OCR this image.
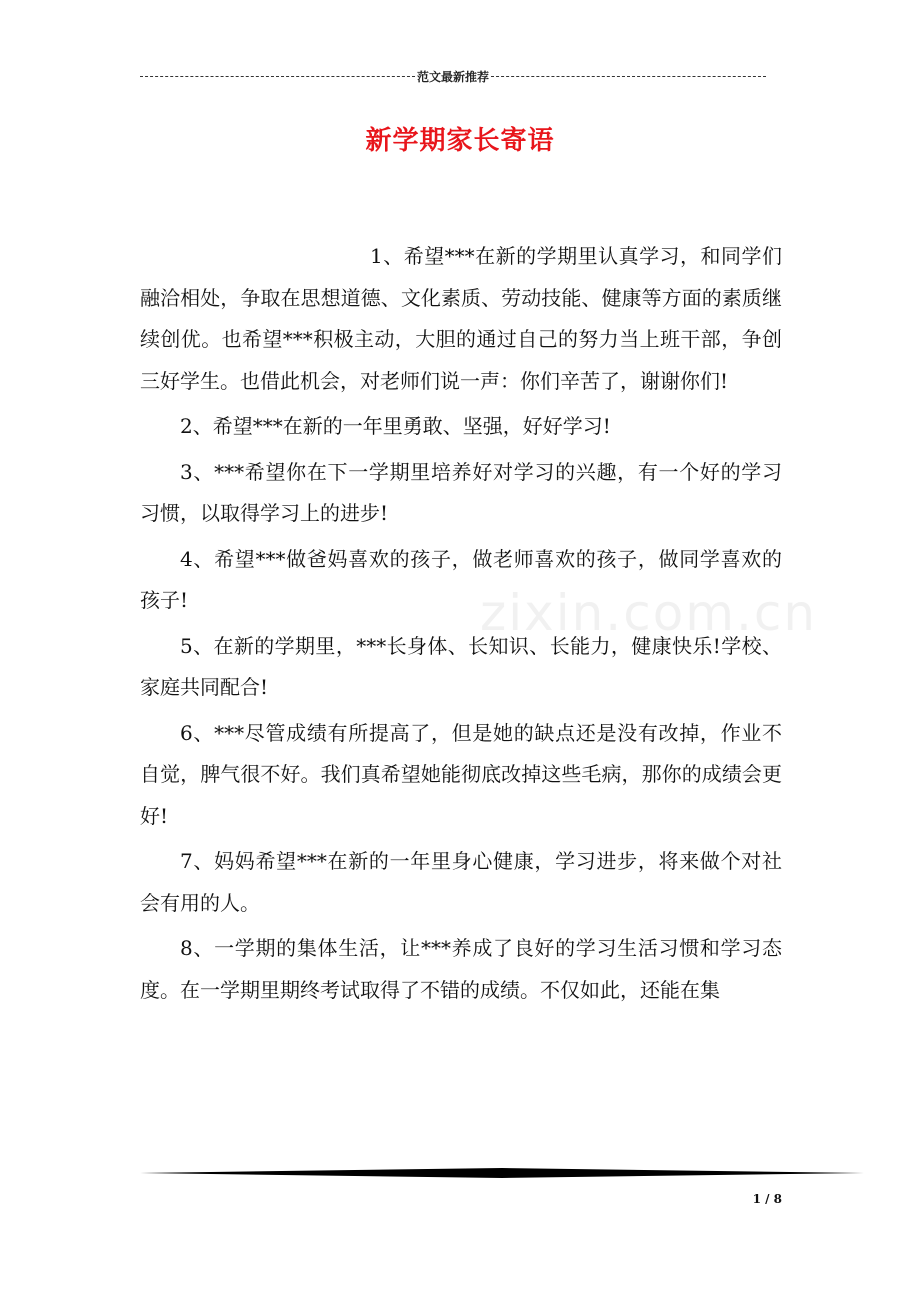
范文最新推荐
新学期家长寄语
zixin.com.cn

1、希望***在新的学期里认真学习，和同学们融洽相处，争取在思想道德、文化素质、劳动技能、健康等方面的素质继续创优。也希望***积极主动，大胆的通过自己的努力当上班干部，争创三好学生。也借此机会，对老师们说一声：你们辛苦了，谢谢你们!

2、希望***在新的一年里勇敢、坚强，好好学习!

3、***希望你在下一学期里培养好对学习的兴趣，有一个好的学习习惯，以取得学习上的进步!

4、希望***做爸妈喜欢的孩子，做老师喜欢的孩子，做同学喜欢的孩子!

5、在新的学期里，***长身体、长知识、长能力，健康快乐!学校、家庭共同配合!

6、***尽管成绩有所提高了，但是她的缺点还是没有改掉，作业不自觉，脾气很不好。我们真希望她能彻底改掉这些毛病，那你的成绩会更好!

7、妈妈希望***在新的一年里身心健康，学习进步，将来做个对社会有用的人。

8、一学期的集体生活，让***养成了良好的学习生活习惯和学习态度。在一学期里期终考试取得了不错的成绩。不仅如此，还能在集

1 / 8
